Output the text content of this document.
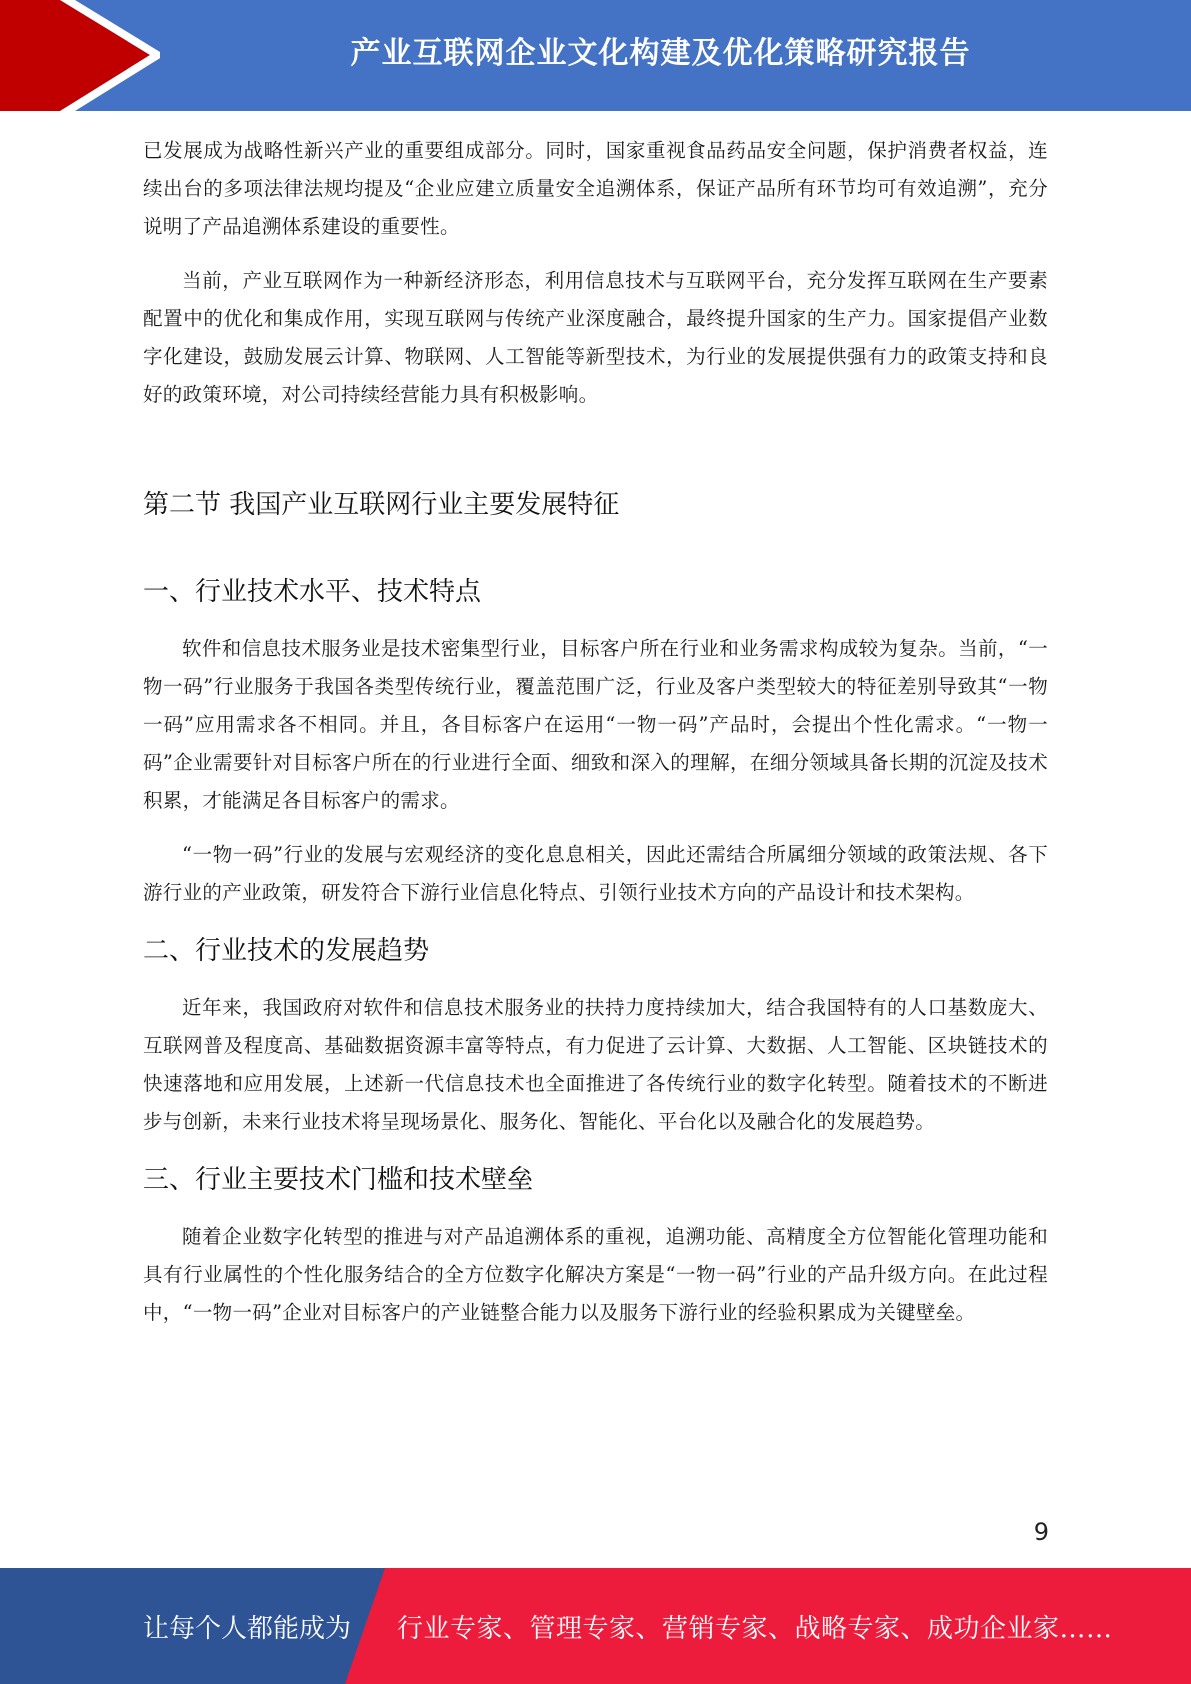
产业互联网企业文化构建及优化策略研究报告

已发展成为战略性新兴产业的重要组成部分。同时，国家重视食品药品安全问题，保护消费者权益，连续出台的多项法律法规均提及“企业应建立质量安全追溯体系，保证产品所有环节均可有效追溯”，充分说明了产品追溯体系建设的重要性。

当前，产业互联网作为一种新经济形态，利用信息技术与互联网平台，充分发挥互联网在生产要素配置中的优化和集成作用，实现互联网与传统产业深度融合，最终提升国家的生产力。国家提倡产业数字化建设，鼓励发展云计算、物联网、人工智能等新型技术，为行业的发展提供强有力的政策支持和良好的政策环境，对公司持续经营能力具有积极影响。

第二节 我国产业互联网行业主要发展特征
一、行业技术水平、技术特点

软件和信息技术服务业是技术密集型行业，目标客户所在行业和业务需求构成较为复杂。当前，“一物一码”行业服务于我国各类型传统行业，覆盖范围广泛，行业及客户类型较大的特征差别导致其“一物一码”应用需求各不相同。并且，各目标客户在运用“一物一码”产品时，会提出个性化需求。“一物一码”企业需要针对目标客户所在的行业进行全面、细致和深入的理解，在细分领域具备长期的沉淀及技术积累，才能满足各目标客户的需求。

“一物一码”行业的发展与宏观经济的变化息息相关，因此还需结合所属细分领域的政策法规、各下游行业的产业政策，研发符合下游行业信息化特点、引领行业技术方向的产品设计和技术架构。

二、行业技术的发展趋势

近年来，我国政府对软件和信息技术服务业的扶持力度持续加大，结合我国特有的人口基数庞大、互联网普及程度高、基础数据资源丰富等特点，有力促进了云计算、大数据、人工智能、区块链技术的快速落地和应用发展，上述新一代信息技术也全面推进了各传统行业的数字化转型。随着技术的不断进步与创新，未来行业技术将呈现场景化、服务化、智能化、平台化以及融合化的发展趋势。

三、行业主要技术门槛和技术壁垒

随着企业数字化转型的推进与对产品追溯体系的重视，追溯功能、高精度全方位智能化管理功能和具有行业属性的个性化服务结合的全方位数字化解决方案是“一物一码”行业的产品升级方向。在此过程中，“一物一码”企业对目标客户的产业链整合能力以及服务下游行业的经验积累成为关键壁垒。

9
让每个人都能成为 行业专家、管理专家、营销专家、战略专家、成功企业家……
